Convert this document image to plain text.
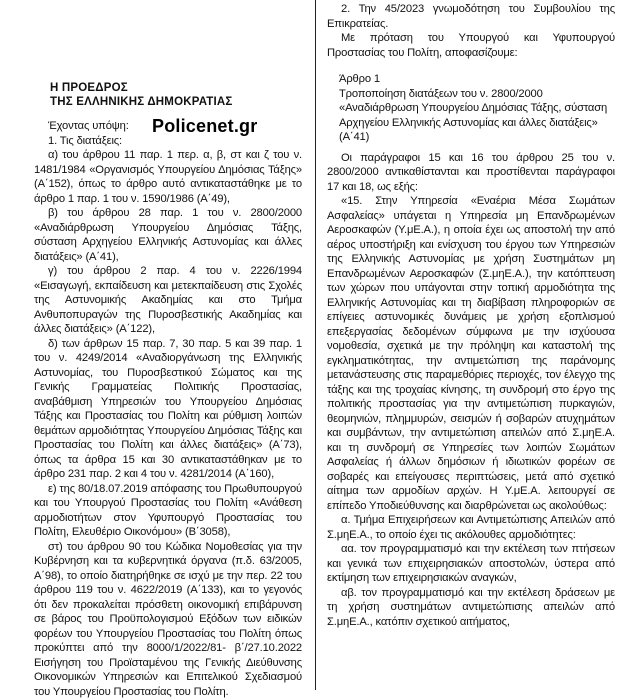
Η ΠΡΟΕΔΡΟΣ
ΤΗΣ ΕΛΛΗΝΙΚΗΣ ΔΗΜΟΚΡΑΤΙΑΣ

Έχοντας υπόψη:

1. Τις διατάξεις:

α) του άρθρου 11 παρ. 1 περ. α, β, στ και ζ του ν. 1481/1984 «Οργανισμός Υπουργείου Δημόσιας Τάξης» (Α΄152), όπως το άρθρο αυτό αντικαταστάθηκε με το άρθρο 1 παρ. 1 του ν. 1590/1986 (Α΄49),

β) του άρθρου 28 παρ. 1 του ν. 2800/2000 «Αναδιάρθρωση Υπουργείου Δημόσιας Τάξης, σύσταση Αρχηγείου Ελληνικής Αστυνομίας και άλλες διατάξεις» (Α΄41),

γ) του άρθρου 2 παρ. 4 του ν. 2226/1994 «Εισαγωγή, εκπαίδευση και μετεκπαίδευση στις Σχολές της Αστυνομικής Ακαδημίας και στο Τμήμα Ανθυποπυραγών της Πυροσβεστικής Ακαδημίας και άλλες διατάξεις» (Α΄122),

δ) των άρθρων 15 παρ. 7, 30 παρ. 5 και 39 παρ. 1 του ν. 4249/2014 «Αναδιοργάνωση της Ελληνικής Αστυνομίας, του Πυροσβεστικού Σώματος και της Γενικής Γραμματείας Πολιτικής Προστασίας, αναβάθμιση Υπηρεσιών του Υπουργείου Δημόσιας Τάξης και Προστασίας του Πολίτη και ρύθμιση λοιπών θεμάτων αρμοδιότητας Υπουργείου Δημόσιας Τάξης και Προστασίας του Πολίτη και άλλες διατάξεις» (Α΄73), όπως τα άρθρα 15 και 30 αντικαταστάθηκαν με το άρθρο 231 παρ. 2 και 4 του ν. 4281/2014 (Α΄160),

ε) της 80/18.07.2019 απόφασης του Πρωθυπουργού και του Υπουργού Προστασίας του Πολίτη «Ανάθεση αρμοδιοτήτων στον Υφυπουργό Προστασίας του Πολίτη, Ελευθέριο Οικονόμου» (Β΄3058),

στ) του άρθρου 90 του Κώδικα Νομοθεσίας για την Κυβέρνηση και τα κυβερνητικά όργανα (π.δ. 63/2005, Α΄98), το οποίο διατηρήθηκε σε ισχύ με την περ. 22 του άρθρου 119 του ν. 4622/2019 (Α΄133), και το γεγονός ότι δεν προκαλείται πρόσθετη οικονομική επιβάρυνση σε βάρος του Προϋπολογισμού Εξόδων των ειδικών φορέων του Υπουργείου Προστασίας του Πολίτη όπως προκύπτει από την 8000/1/2022/81- β΄/27.10.2022 Εισήγηση του Προϊσταμένου της Γενικής Διεύθυνσης Οικονομικών Υπηρεσιών και Επιτελικού Σχεδιασμού του Υπουργείου Προστασίας του Πολίτη.

Policenet.gr

2. Την 45/2023 γνωμοδότηση του Συμβουλίου της Επικρατείας.

Με πρόταση του Υπουργού και Υφυπουργού Προστασίας του Πολίτη, αποφασίζουμε:

Άρθρο 1

Τροποποίηση διατάξεων του ν. 2800/2000 «Αναδιάρθρωση Υπουργείου Δημόσιας Τάξης, σύσταση Αρχηγείου Ελληνικής Αστυνομίας και άλλες διατάξεις» (Α΄41)

Οι παράγραφοι 15 και 16 του άρθρου 25 του ν. 2800/2000 αντικαθίστανται και προστίθενται παράγραφοι 17 και 18, ως εξής:

«15. Στην Υπηρεσία «Εναέρια Μέσα Σωμάτων Ασφαλείας» υπάγεται η Υπηρεσία μη Επανδρωμένων Αεροσκαφών (Υ.μΕ.Α.), η οποία έχει ως αποστολή την από αέρος υποστήριξη και ενίσχυση του έργου των Υπηρεσιών της Ελληνικής Αστυνομίας με χρήση Συστημάτων μη Επανδρωμένων Αεροσκαφών (Σ.μηΕ.Α.), την κατόπτευση των χώρων που υπάγονται στην τοπική αρμοδιότητα της Ελληνικής Αστυνομίας και τη διαβίβαση πληροφοριών σε επίγειες αστυνομικές δυνάμεις με χρήση εξοπλισμού επεξεργασίας δεδομένων σύμφωνα με την ισχύουσα νομοθεσία, σχετικά με την πρόληψη και καταστολή της εγκληματικότητας, την αντιμετώπιση της παράνομης μετανάστευσης στις παραμεθόριες περιοχές, τον έλεγχο της τάξης και της τροχαίας κίνησης, τη συνδρομή στο έργο της πολιτικής προστασίας για την αντιμετώπιση πυρκαγιών, θεομηνιών, πλημμυρών, σεισμών ή σοβαρών ατυχημάτων και συμβάντων, την αντιμετώπιση απειλών από Σ.μηΕ.Α. και τη συνδρομή σε Υπηρεσίες των λοιπών Σωμάτων Ασφαλείας ή άλλων δημόσιων ή ιδιωτικών φορέων σε σοβαρές και επείγουσες περιπτώσεις, μετά από σχετικό αίτημα των αρμοδίων αρχών. Η Υ.μΕ.Α. λειτουργεί σε επίπεδο Υποδιεύθυνσης και διαρθρώνεται ως ακολούθως:

α. Τμήμα Επιχειρήσεων και Αντιμετώπισης Απειλών από Σ.μηΕ.Α., το οποίο έχει τις ακόλουθες αρμοδιότητες:

αα. τον προγραμματισμό και την εκτέλεση των πτήσεων και γενικά των επιχειρησιακών αποστολών, ύστερα από εκτίμηση των επιχειρησιακών αναγκών,

αβ. τον προγραμματισμό και την εκτέλεση δράσεων με τη χρήση συστημάτων αντιμετώπισης απειλών από Σ.μηΕ.Α., κατόπιν σχετικού αιτήματος,
